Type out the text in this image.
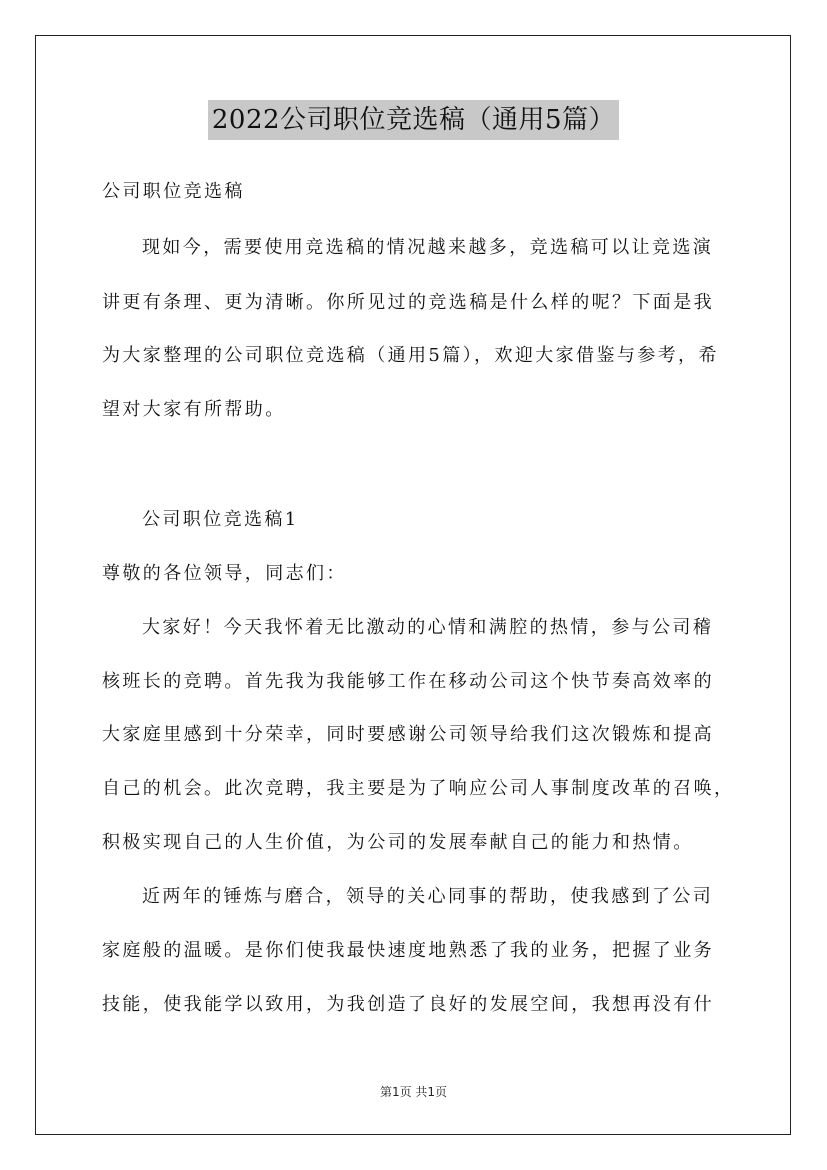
2022公司职位竞选稿（通用5篇）
公司职位竞选稿
现如今，需要使用竞选稿的情况越来越多，竞选稿可以让竞选演
讲更有条理、更为清晰。你所见过的竞选稿是什么样的呢？下面是我
为大家整理的公司职位竞选稿（通用5篇），欢迎大家借鉴与参考，希
望对大家有所帮助。
公司职位竞选稿1
尊敬的各位领导，同志们：
大家好！今天我怀着无比激动的心情和满腔的热情，参与公司稽
核班长的竞聘。首先我为我能够工作在移动公司这个快节奏高效率的
大家庭里感到十分荣幸，同时要感谢公司领导给我们这次锻炼和提高
自己的机会。此次竞聘，我主要是为了响应公司人事制度改革的召唤，
积极实现自己的人生价值，为公司的发展奉献自己的能力和热情。
近两年的锤炼与磨合，领导的关心同事的帮助，使我感到了公司
家庭般的温暖。是你们使我最快速度地熟悉了我的业务，把握了业务
技能，使我能学以致用，为我创造了良好的发展空间，我想再没有什
第1页 共1页
